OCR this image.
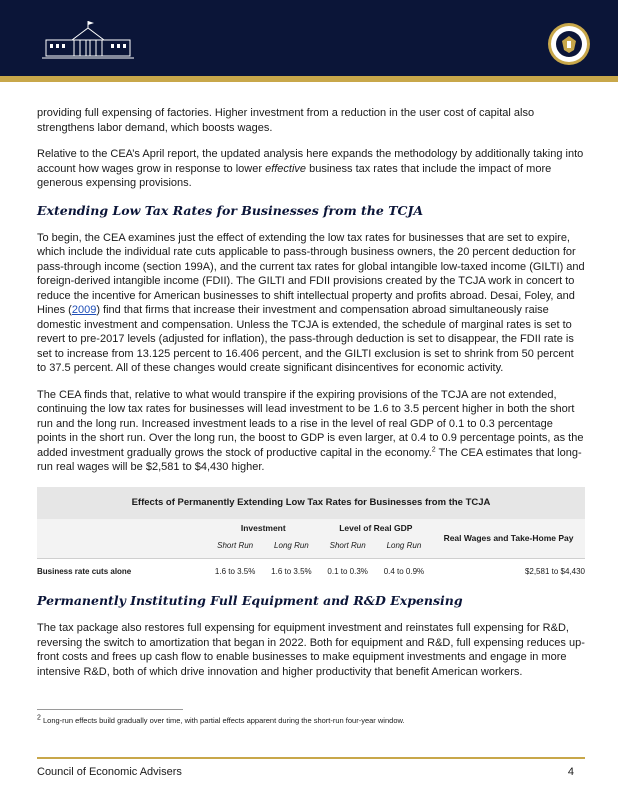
providing full expensing of factories. Higher investment from a reduction in the user cost of capital also strengthens labor demand, which boosts wages.

Relative to the CEA’s April report, the updated analysis here expands the methodology by additionally taking into account how wages grow in response to lower effective business tax rates that include the impact of more generous expensing provisions.

Extending Low Tax Rates for Businesses from the TCJA

To begin, the CEA examines just the effect of extending the low tax rates for businesses that are set to expire, which include the individual rate cuts applicable to pass-through business owners, the 20 percent deduction for pass-through income (section 199A), and the current tax rates for global intangible low-taxed income (GILTI) and foreign-derived intangible income (FDII). The GILTI and FDII provisions created by the TCJA work in concert to reduce the incentive for American businesses to shift intellectual property and profits abroad. Desai, Foley, and Hines (2009) find that firms that increase their investment and compensation abroad simultaneously raise domestic investment and compensation. Unless the TCJA is extended, the schedule of marginal rates is set to revert to pre-2017 levels (adjusted for inflation), the pass-through deduction is set to disappear, the FDII rate is set to increase from 13.125 percent to 16.406 percent, and the GILTI exclusion is set to shrink from 50 percent to 37.5 percent. All of these changes would create significant disincentives for economic activity.

The CEA finds that, relative to what would transpire if the expiring provisions of the TCJA are not extended, continuing the low tax rates for businesses will lead investment to be 1.6 to 3.5 percent higher in both the short run and the long run. Increased investment leads to a rise in the level of real GDP of 0.1 to 0.3 percentage points in the short run. Over the long run, the boost to GDP is even larger, at 0.4 to 0.9 percentage points, as the added investment gradually grows the stock of productive capital in the economy.$^2$ The CEA estimates that long-run real wages will be $2,581 to $4,430 higher.

Effects of Permanently Extending Low Tax Rates for Businesses from the TCJA					
	Investment		Level of Real GDP		Real Wages and Take-Home Pay
	Short Run	Long Run	Short Run	Long Run	
Business rate cuts alone	1.6 to 3.5%	1.6 to 3.5%	0.1 to 0.3%	0.4 to 0.9%	$2,581 to $4,430
Permanently Instituting Full Equipment and R&D Expensing

The tax package also restores full expensing for equipment investment and reinstates full expensing for R&D, reversing the switch to amortization that began in 2022. Both for equipment and R&D, full expensing reduces up-front costs and frees up cash flow to enable businesses to make equipment investments and engage in more intensive R&D, both of which drive innovation and higher productivity that benefit American workers.

$^2$ Long-run effects build gradually over time, with partial effects apparent during the short-run four-year window.
Council of Economic Advisers	4
